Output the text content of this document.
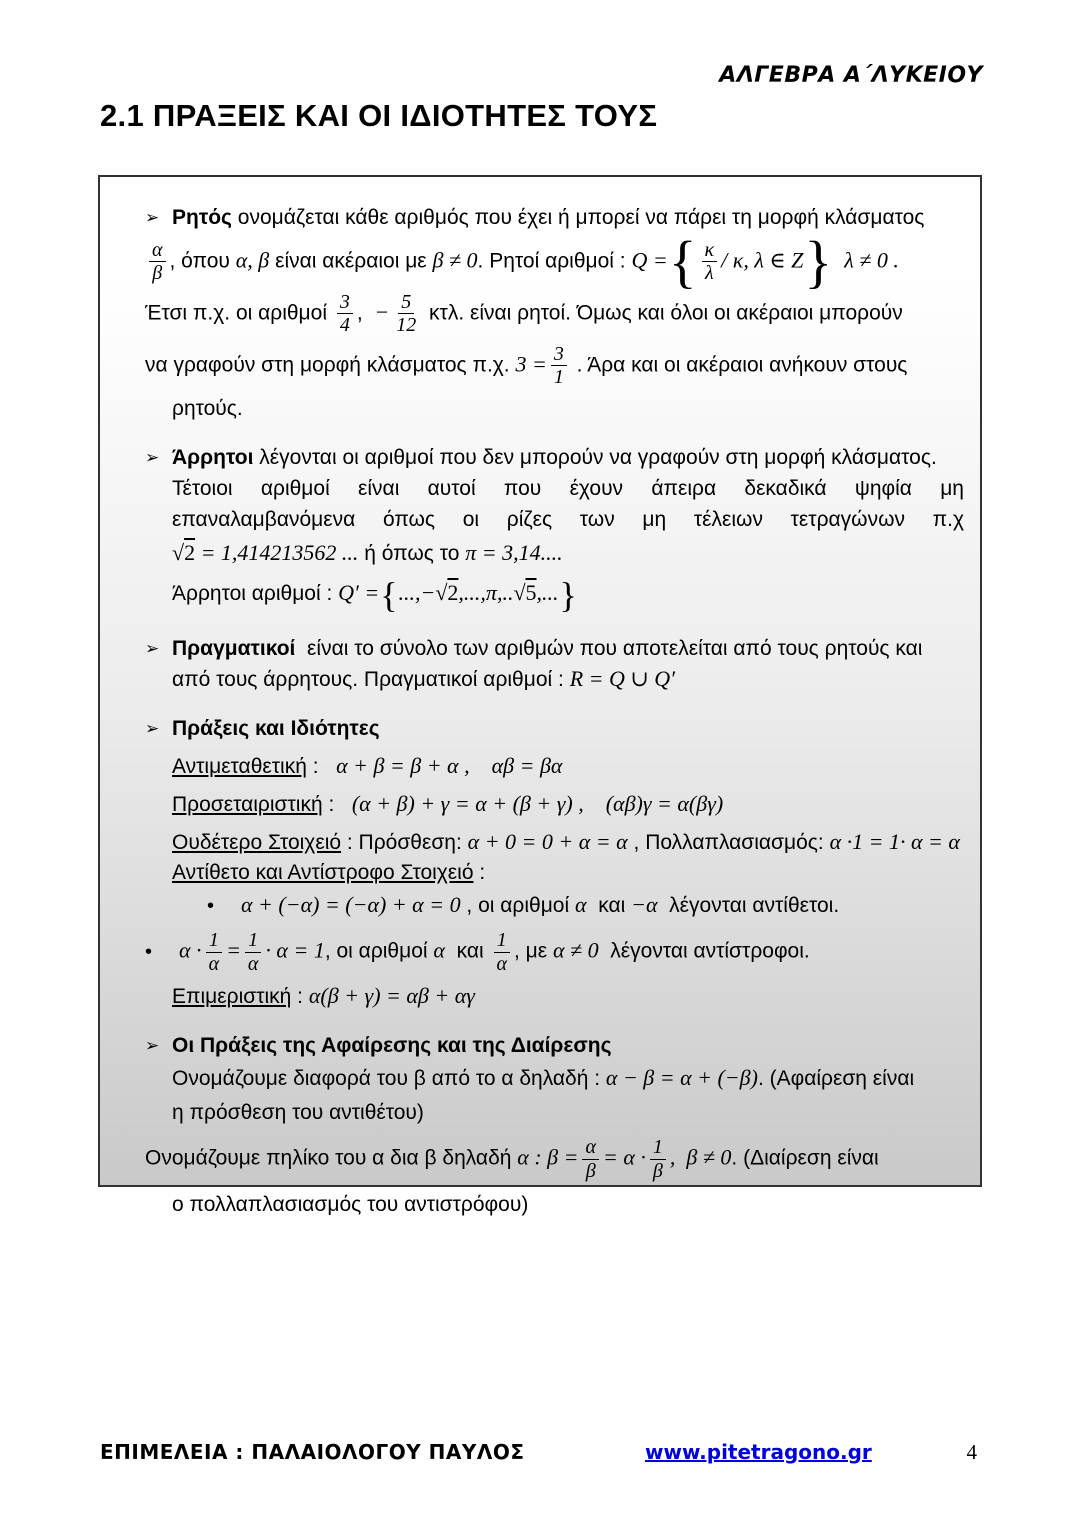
ΑΛΓΕΒΡΑ Α΄ΛΥΚΕΙΟΥ
2.1 ΠΡΑΞΕΙΣ ΚΑΙ ΟΙ ΙΔΙΟΤΗΤΕΣ ΤΟΥΣ
➢ Ρητός ονομάζεται κάθε αριθμός που έχει ή μπορεί να πάρει τη μορφή κλάσματος
$\frac{\alpha}{\beta}$ , όπου α, β είναι ακέραιοι με β ≠ 0. Ρητοί αριθμοί : Q ={ $\frac{\kappa}{\lambda}$ / κ, λ ∈ Z}  λ ≠ 0 .
Έτσι π.χ. οι αριθμοί $\frac{3}{4}$ ,  − $\frac{5}{12} \kappa\tau\lambda$. είναι ρητοί. Όμως και όλοι οι ακέραιοι μπορούν
να γραφούν στη μορφή κλάσματος π.χ. $3 = \frac{3}{1}$ . Άρα και οι ακέραιοι ανήκουν στους
ρητούς.
➢ Άρρητοι λέγονται οι αριθμοί που δεν μπορούν να γραφούν στη μορφή κλάσματος.
Τέτοιοι αριθμοί είναι αυτοί που έχουν άπειρα δεκαδικά ψηφία μη
επαναλαμβανόμενα όπως οι ρίζες των μη τέλειων τετραγώνων π.χ
√2 = 1,414213562 ... ή όπως το π = 3,14....
Άρρητοι αριθμοί : Q′ ={...,−√2,...,π,..√5,...}
➢ Πραγματικοί  είναι το σύνολο των αριθμών που αποτελείται από τους ρητούς και
από τους άρρητους. Πραγματικοί αριθμοί : R = Q ∪ Q′
➢ Πράξεις και Ιδιότητες
Αντιμεταθετική :   α + β = β + α ,    αβ = βα
Προσεταιριστική :   (α + β) + γ = α + (β + γ) ,    (αβ)γ = α(βγ)
Ουδέτερο Στοιχειό : Πρόσθεση: α + 0 = 0 + α = α , Πολλαπλασιασμός: α ·1 = 1· α = α
Αντίθετο και Αντίστροφο Στοιχειό :
•	α + (−α) = (−α) + α = 0 , οι αριθμοί α  και −α  λέγονται αντίθετοι.
•	$\alpha \cdot \frac{1}{\alpha} = \frac{1}{\alpha} \cdot \alpha = 1$, οι αριθμοί α  και $\frac{1}{\alpha}$ , με α ≠ 0  λέγονται αντίστροφοι.
Επιμεριστική : α(β + γ) = αβ + αγ
➢ Οι Πράξεις της Αφαίρεσης και της Διαίρεσης
Ονομάζουμε διαφορά του β από το α δηλαδή : α − β = α + (−β). (Αφαίρεση είναι
η πρόσθεση του αντιθέτου)
Ονομάζουμε πηλίκο του α δια β δηλαδή α : $\beta = \frac{\alpha}{\beta} = \alpha \cdot \frac{1}{\beta}$ ,  β ≠ 0. (Διαίρεση είναι
ο πολλαπλασιασμός του αντιστρόφου)
ΕΠΙΜΕΛΕΙΑ : ΠΑΛΑΙΟΛΟΓΟΥ ΠΑΥΛΟΣ	www.pitetragono.gr	4
